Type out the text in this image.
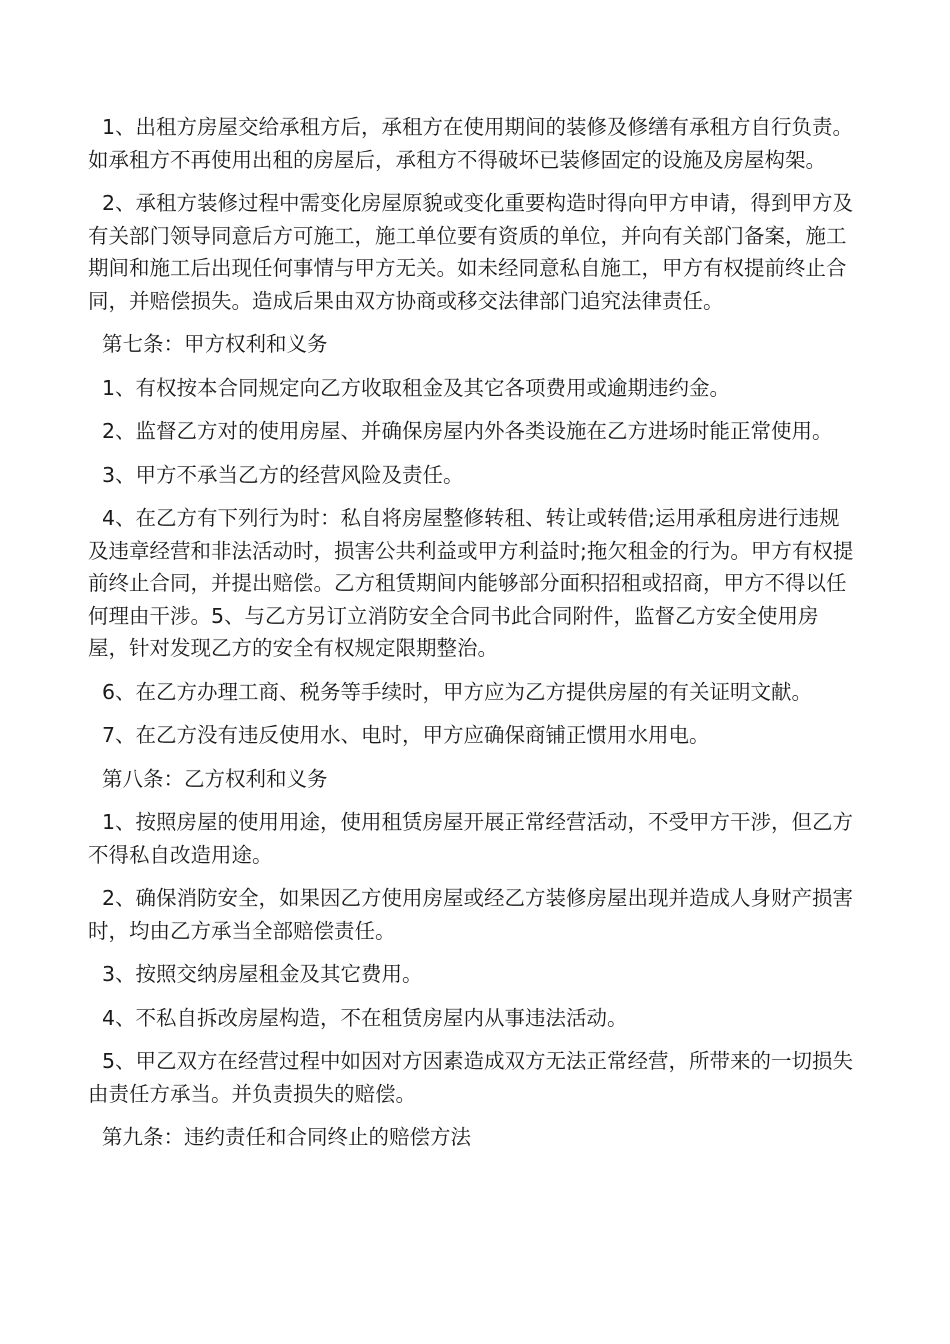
1、出租方房屋交给承租方后，承租方在使用期间的装修及修缮有承租方自行负责。如承租方不再使用出租的房屋后，承租方不得破坏已装修固定的设施及房屋构架。

2、承租方装修过程中需变化房屋原貌或变化重要构造时得向甲方申请，得到甲方及有关部门领导同意后方可施工，施工单位要有资质的单位，并向有关部门备案，施工期间和施工后出现任何事情与甲方无关。如未经同意私自施工，甲方有权提前终止合同，并赔偿损失。造成后果由双方协商或移交法律部门追究法律责任。

第七条：甲方权利和义务

1、有权按本合同规定向乙方收取租金及其它各项费用或逾期违约金。

2、监督乙方对的使用房屋、并确保房屋内外各类设施在乙方进场时能正常使用。

3、甲方不承当乙方的经营风险及责任。

4、在乙方有下列行为时：私自将房屋整修转租、转让或转借;运用承租房进行违规及违章经营和非法活动时，损害公共利益或甲方利益时;拖欠租金的行为。甲方有权提前终止合同，并提出赔偿。乙方租赁期间内能够部分面积招租或招商，甲方不得以任何理由干涉。5、与乙方另订立消防安全合同书此合同附件，监督乙方安全使用房屋，针对发现乙方的安全有权规定限期整治。

6、在乙方办理工商、税务等手续时，甲方应为乙方提供房屋的有关证明文献。

7、在乙方没有违反使用水、电时，甲方应确保商铺正惯用水用电。

第八条：乙方权利和义务

1、按照房屋的使用用途，使用租赁房屋开展正常经营活动，不受甲方干涉，但乙方不得私自改造用途。

2、确保消防安全，如果因乙方使用房屋或经乙方装修房屋出现并造成人身财产损害时，均由乙方承当全部赔偿责任。

3、按照交纳房屋租金及其它费用。

4、不私自拆改房屋构造，不在租赁房屋内从事违法活动。

5、甲乙双方在经营过程中如因对方因素造成双方无法正常经营，所带来的一切损失由责任方承当。并负责损失的赔偿。

第九条：违约责任和合同终止的赔偿方法
